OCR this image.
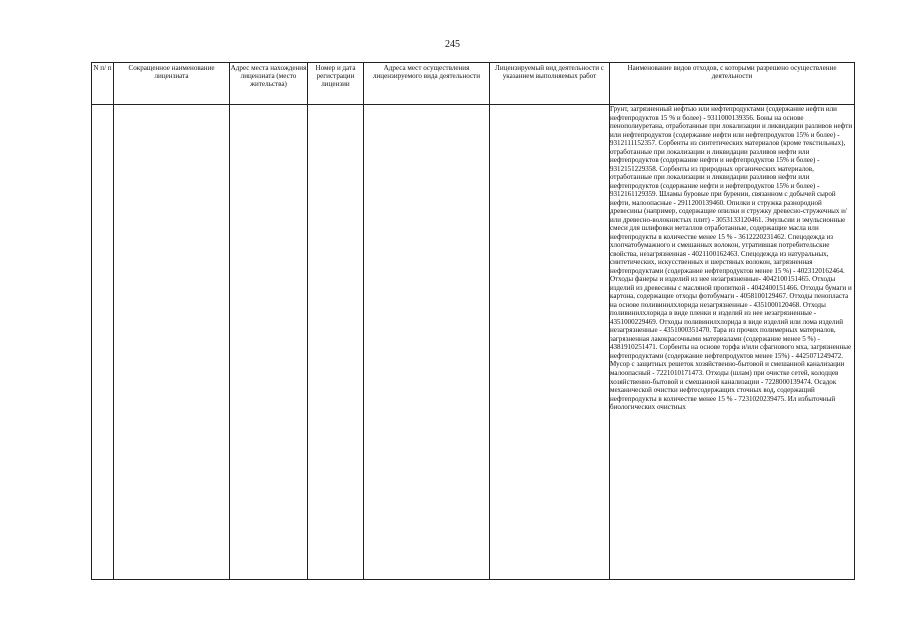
245
N п/ п	Сокращенное наименование лицензиата	Адрес места нахождения лицензиата (место жительства)	Номер и дата регистрации лицензии	Адреса мест осуществления лицензируемого вида деятельности	Лицензируемый вид деятельности с указанием выполняемых работ	Наименование видов отходов, с которыми разрешено осуществление деятельности

						Грунт, загрязненный нефтью или нефтепродуктами (содержание нефти или нефтепродуктов 15 % и более) - 9311000139356. Боны на основе пенополиуретана, отработанные при локализации и ликвидации разливов нефти или нефтепродуктов (содержание нефти или нефтепродуктов 15% и более) - 9312111152357. Сорбенты из синтетических материалов (кроме текстильных), отработанные при локализации и ликвидации разливов нефти или нефтепродуктов (содержание нефти и нефтепродуктов 15% и более) - 9312151229358. Сорбенты из природных органических материалов, отработанные при локализации и ликвидации разливов нефти или нефтепродуктов (содержание нефти и нефтепродуктов 15% и более) - 9312161129359. Шламы буровые при бурении, связанном с добычей сырой нефти, малоопасные - 2911200139460. Опилки и стружка разнородной древесины (например, содержащие опилки и стружку древесно-стружечных и/или древесно-волокнистых плит) - 3053133120461. Эмульсии и эмульсионные смеси для шлифовки металлов отработанные, содержащие масла или нефтепродукты в количестве менее 15 % - 3612220231462. Спецодежда из хлопчатобумажного и смешанных волокон, утратившая потребительские свойства, незагрязненная - 4021100162463. Спецодежда из натуральных, синтетических, искусственных и шерстяных волокон, загрязненная нефтепродуктами (содержание нефтепродуктов менее 15 %) - 4023120162464. Отходы фанеры и изделий из нее незагрязненные- 4042100151465. Отходы изделий из древесины с масляной пропиткой - 4042400151466. Отходы бумаги и картона, содержащие отходы фотобумаги - 4058100129467. Отходы пенопласта на основе поливинилхлорида незагрязненные - 4351000120468. Отходы поливинилхлорида в виде пленки и изделий из нее незагрязненные - 4351000229469. Отходы поливинилхлорида в виде изделий или лома изделий незагрязненные - 4351000351470. Тара из прочих полимерных материалов, загрязненная лакокрасочными материалами (содержание менее 5 %) - 4381910251471. Сорбенты на основе торфа и/или сфагнового мха, загрязненные нефтепродуктами (содержание нефтепродуктов менее 15%) - 4425071249472. Мусор с защитных решеток хозяйственно-бытовой и смешанной канализации малоопасный - 7221010171473. Отходы (шлам) при очистке сетей, колодцев хозяйственно-бытовой и смешанной канализации - 7228000139474. Осадок механической очистки нефтесодержащих сточных вод, содержащий нефтепродукты в количестве менее 15 % - 7231020239475. Ил избыточный биологических очистных
